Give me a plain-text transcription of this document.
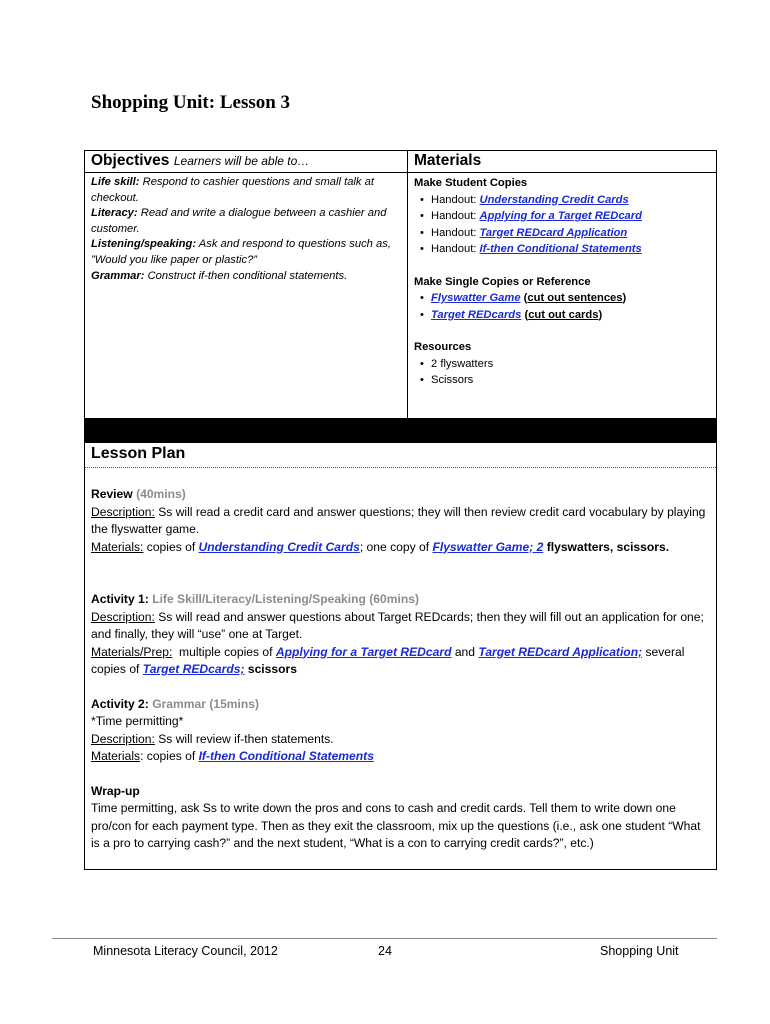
Shopping Unit: Lesson 3
Objectives Learners will be able to…
Life skill: Respond to cashier questions and small talk at checkout.
Literacy: Read and write a dialogue between a cashier and customer.
Listening/speaking: Ask and respond to questions such as, ”Would you like paper or plastic?”
Grammar: Construct if-then conditional statements.
Materials
Make Student Copies
• Handout: Understanding Credit Cards
• Handout: Applying for a Target REDcard
• Handout: Target REDcard Application
• Handout: If-then Conditional Statements
Make Single Copies or Reference
• Flyswatter Game (cut out sentences)
• Target REDcards (cut out cards)
Resources
• 2 flyswatters
• Scissors
Lesson Plan

Review (40mins)

Description: Ss will read a credit card and answer questions; they will then review credit card vocabulary by playing the flyswatter game.

Materials: copies of Understanding Credit Cards; one copy of Flyswatter Game; 2 flyswatters, scissors.

Activity 1: Life Skill/Literacy/Listening/Speaking (60mins)

Description: Ss will read and answer questions about Target REDcards; then they will fill out an application for one; and finally, they will “use” one at Target.

Materials/Prep:  multiple copies of Applying for a Target REDcard and Target REDcard Application; several copies of Target REDcards; scissors

Activity 2: Grammar (15mins)

*Time permitting*

Description: Ss will review if-then statements.

Materials: copies of If-then Conditional Statements

Wrap-up

Time permitting, ask Ss to write down the pros and cons to cash and credit cards. Tell them to write down one pro/con for each payment type. Then as they exit the classroom, mix up the questions (i.e., ask one student “What is a pro to carrying cash?” and the next student, “What is a con to carrying credit cards?”, etc.)

Minnesota Literacy Council, 2012	24	Shopping Unit
